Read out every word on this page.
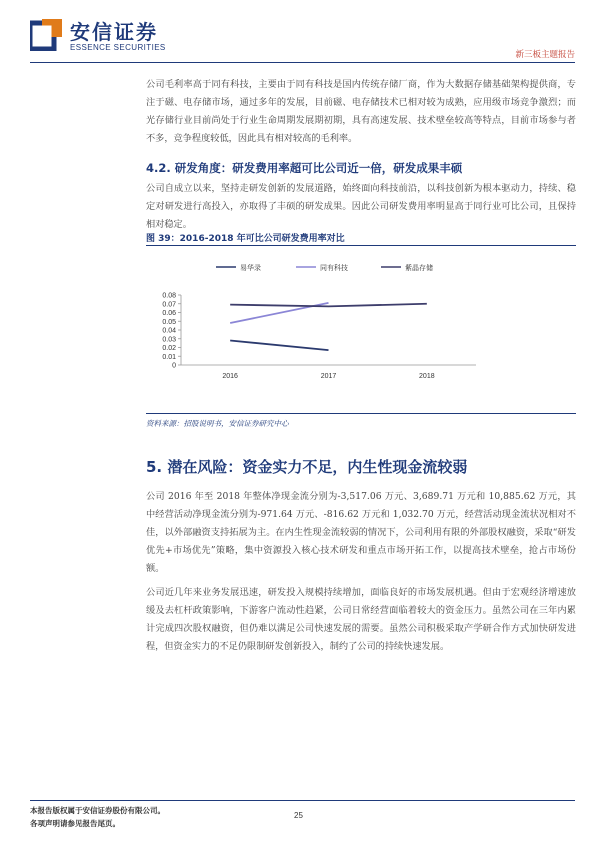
安信证券
ESSENCE SECURITIES
新三板主题报告
公司毛利率高于同有科技，主要由于同有科技是国内传统存储厂商，作为大数据存储基础架构提供商，专注于磁、电存储市场，通过多年的发展，目前磁、电存储技术已相对较为成熟，应用级市场竞争激烈；而光存储行业目前尚处于行业生命周期发展期初期，具有高速发展、技术壁垒较高等特点，目前市场参与者不多，竞争程度较低，因此具有相对较高的毛利率。
4.2. 研发角度：研发费用率超可比公司近一倍，研发成果丰硕
公司自成立以来，坚持走研发创新的发展道路，始终面向科技前沿，以科技创新为根本驱动力，持续、稳定对研发进行高投入，亦取得了丰硕的研发成果。因此公司研发费用率明显高于同行业可比公司，且保持相对稳定。
图 39：2016-2018 年可比公司研发费用率对比
易华录	同有科技	紫晶存储
0
0.01
0.02
0.03
0.04
0.05
0.06
0.07
0.08
2016	2017	2018
资料来源：招股说明书，安信证券研究中心
5. 潜在风险：资金实力不足，内生性现金流较弱
公司 2016 年至 2018 年整体净现金流分别为-3,517.06 万元、3,689.71 万元和 10,885.62 万元，其中经营活动净现金流分别为-971.64 万元、-816.62 万元和 1,032.70 万元，经营活动现金流状况相对不佳，以外部融资支持拓展为主。在内生性现金流较弱的情况下，公司利用有限的外部股权融资，采取“研发优先+市场优先”策略，集中资源投入核心技术研发和重点市场开拓工作，以提高技术壁垒，抢占市场份额。
公司近几年来业务发展迅速，研发投入规模持续增加，面临良好的市场发展机遇。但由于宏观经济增速放缓及去杠杆政策影响，下游客户流动性趋紧，公司日常经营面临着较大的资金压力。虽然公司在三年内累计完成四次股权融资，但仍难以满足公司快速发展的需要。虽然公司积极采取产学研合作方式加快研发进程，但资金实力的不足仍限制研发创新投入，制约了公司的持续快速发展。
本报告版权属于安信证券股份有限公司。
各项声明请参见报告尾页。
25
